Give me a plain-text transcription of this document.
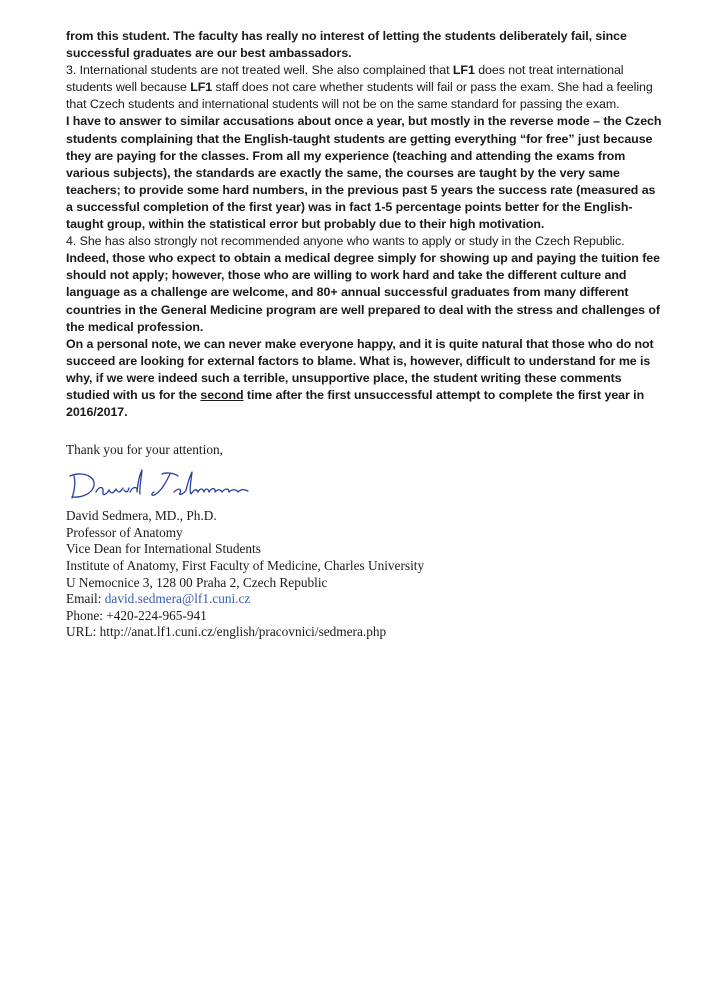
from this student. The faculty has really no interest of letting the students deliberately fail, since successful graduates are our best ambassadors.

3. International students are not treated well. She also complained that LF1 does not treat international students well because LF1 staff does not care whether students will fail or pass the exam. She had a feeling that Czech students and international students will not be on the same standard for passing the exam.

I have to answer to similar accusations about once a year, but mostly in the reverse mode – the Czech students complaining that the English-taught students are getting everything “for free” just because they are paying for the classes. From all my experience (teaching and attending the exams from various subjects), the standards are exactly the same, the courses are taught by the very same teachers; to provide some hard numbers, in the previous past 5 years the success rate (measured as a successful completion of the first year) was in fact 1-5 percentage points better for the English-taught group, within the statistical error but probably due to their high motivation.

4. She has also strongly not recommended anyone who wants to apply or study in the Czech Republic.

Indeed, those who expect to obtain a medical degree simply for showing up and paying the tuition fee should not apply; however, those who are willing to work hard and take the different culture and language as a challenge are welcome, and 80+ annual successful graduates from many different countries in the General Medicine program are well prepared to deal with the stress and challenges of the medical profession.

On a personal note, we can never make everyone happy, and it is quite natural that those who do not succeed are looking for external factors to blame. What is, however, difficult to understand for me is why, if we were indeed such a terrible, unsupportive place, the student writing these comments studied with us for the second time after the first unsuccessful attempt to complete the first year in 2016/2017.

Thank you for your attention,
David Sedmera, MD., Ph.D.
Professor of Anatomy
Vice Dean for International Students
Institute of Anatomy, First Faculty of Medicine, Charles University
U Nemocnice 3, 128 00 Praha 2, Czech Republic
Email: david.sedmera@lf1.cuni.cz
Phone: +420-224-965-941
URL: http://anat.lf1.cuni.cz/english/pracovnici/sedmera.php
